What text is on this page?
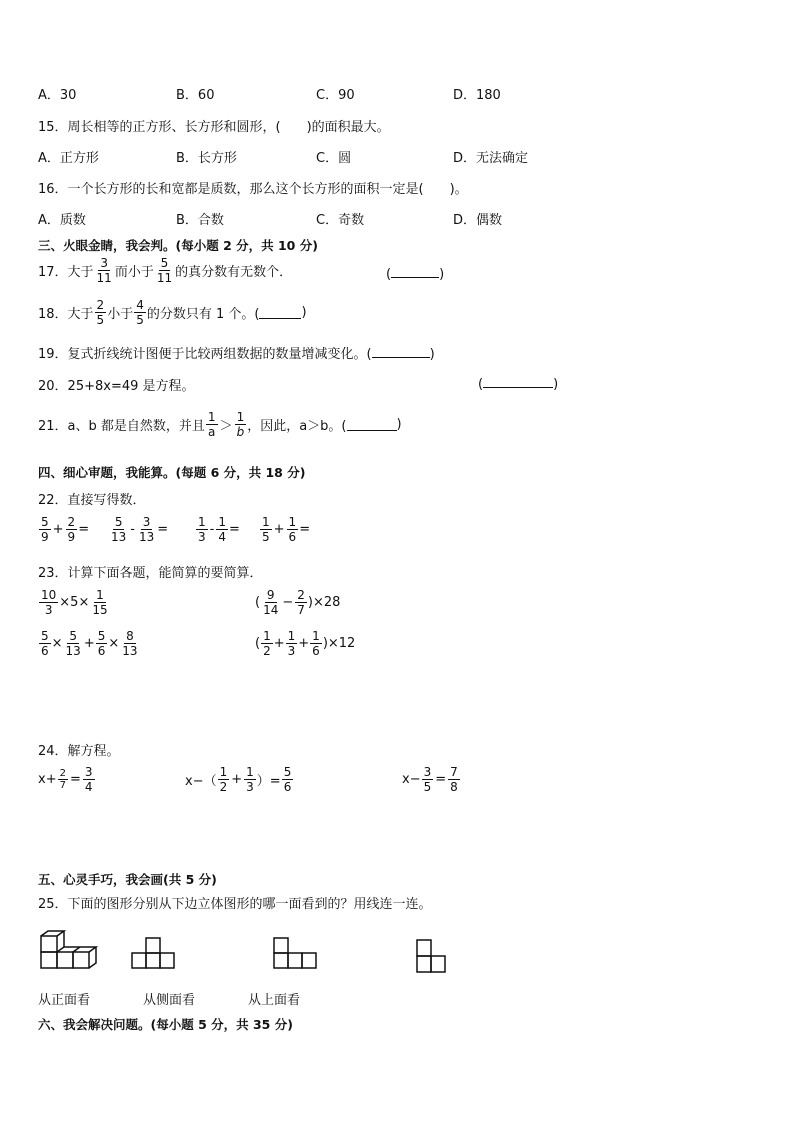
A．30	B．60	C．90	D．180
15．周长相等的正方形、长方形和圆形，(　　)的面积最大。
A．正方形	B．长方形	C．圆	D．无法确定
16．一个长方形的长和宽都是质数，那么这个长方形的面积一定是(　　)。
A．质数	B．合数	C．奇数	D．偶数
三、火眼金睛，我会判。(每小题 2 分，共 10 分)
17．大于 $\frac{3}{11}$ 而小于 $\frac{5}{11}$ 的真分数有无数个．	(	)
18．大于 $\frac{2}{5}$ 小于 $\frac{4}{5}$ 的分数只有 1 个。(	)
19．复式折线统计图便于比较两组数据的数量增减变化。(	)
20．25+8x=49 是方程。	(	)
21．a、b 都是自然数，并且 $\frac{1}{a} > \frac{1}{b}$ ，因此，a＞b。(	)
四、细心审题，我能算。(每题 6 分，共 18 分)
22．直接写得数．
$\frac{5}{9} + \frac{2}{9} = \frac{5}{13} - \frac{3}{13} = \frac{1}{3} - \frac{1}{4} = \frac{1}{5} + \frac{1}{6}$ =
23．计算下面各题，能简算的要简算．
$\frac{10}{3} \times 5\times \frac{1}{15}$	( $\frac{9}{14} - \frac{2}{7} )\times 28$
$\frac{5}{6} \times \frac{5}{13} + \frac{5}{6} \times \frac{8}{13}$	( $\frac{1}{2} + \frac{1}{3} + \frac{1}{6} )\times 12$
24．解方程。
$x+ \frac{2}{7} = \frac{3}{4}$	$x-( \frac{1}{2} + \frac{1}{3}$ ）= $\frac{5}{6}$	$x- \frac{3}{5} = \frac{7}{8}$
五、心灵手巧，我会画(共 5 分)
25．下面的图形分别从下边立体图形的哪一面看到的？用线连一连。
从正面看	从侧面看	从上面看
六、我会解决问题。(每小题 5 分，共 35 分)
